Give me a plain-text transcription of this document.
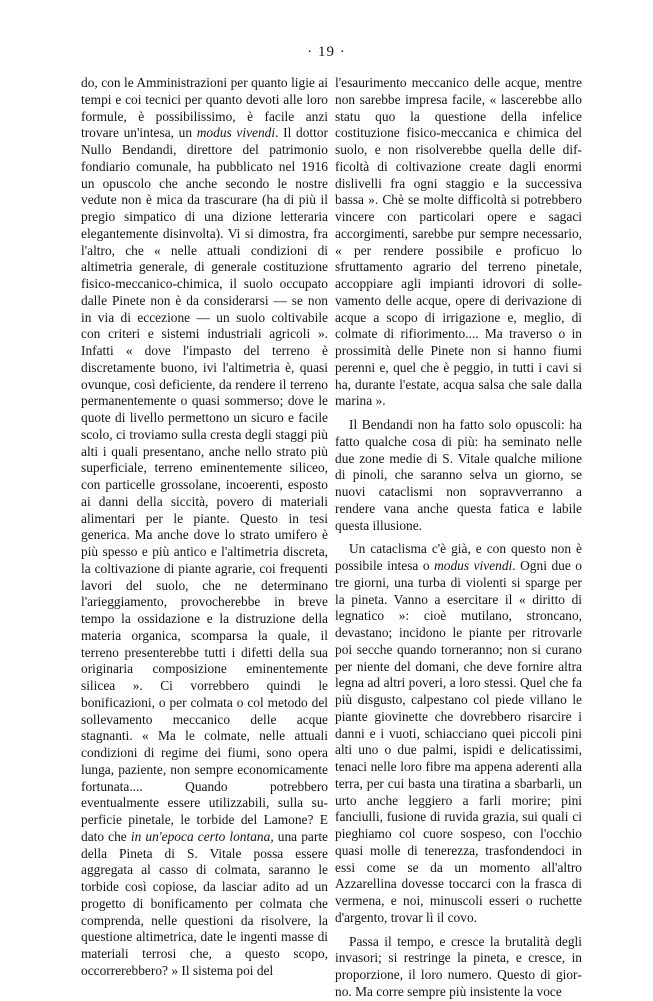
· 19 ·

do, con le Amministrazioni per quanto ligie ai tempi e coi tecnici per quanto devoti alle loro formule, è possibilissimo, è facile anzi trovare un'intesa, un modus vivendi. Il dottor Nullo Bendandi, direttore del patrimonio fondiario comunale, ha pubblicato nel 1916 un opuscolo che anche secondo le nostre vedute non è mica da trascurare (ha di più il pregio simpatico di una dizione letteraria elegantemente disinvolta). Vi si dimostra, fra l'altro, che « nelle attuali condizioni di altimetria generale, di generale costituzione fisico-meccanico-chimica, il suolo occupato dalle Pinete non è da considerarsi — se non in via di eccezione — un suolo coltivabile con criteri e sistemi industriali agricoli ». Infatti « dove l'impasto del terreno è discretamente buono, ivi l'altimetria è, quasi ovunque, così deficiente, da rendere il terreno permanentemente o quasi sommerso; dove le quote di livello permettono un sicuro e facile scolo, ci troviamo sulla cresta degli staggi più alti i quali presentano, anche nello strato più superficiale, terreno eminentemente siliceo, con particelle grossolane, incoerenti, esposto ai danni della siccità, povero di materiali alimentari per le piante. Questo in tesi generica. Ma anche dove lo strato umifero è più spesso e più antico e l'altimetria discreta, la coltivazione di piante agrarie, coi frequenti lavori del suolo, che ne determinano l'arieggiamento, provocherebbe in breve tempo la ossidazione e la distruzione della materia organica, scomparsa la quale, il terreno presenterebbe tutti i difetti della sua originaria composizione eminentemente silicea ». Ci vorrebbero quindi le bonificazioni, o per colmata o col metodo del sollevamento meccanico delle acque stagnanti. « Ma le colmate, nelle attuali condizioni di regime dei fiumi, sono opera lunga, paziente, non sempre economicamente fortunata.... Quando potrebbero eventualmente essere utilizzabili, sulla superficie pinetale, le torbide del Lamone? E dato che in un'epoca certo lontana, una parte della Pineta di S. Vitale possa essere aggregata al casso di colmata, saranno le torbide così copiose, da lasciar adito ad un progetto di bonificamento per colmata che comprenda, nelle questioni da risolvere, la questione altimetrica, date le ingenti masse di materiali terrosi che, a questo scopo, occorrerebbero? » Il sistema poi del

l'esaurimento meccanico delle acque, mentre non sarebbe impresa facile, « lascerebbe allo statu quo la questione della infelice costituzione fisico-meccanica e chimica del suolo, e non risolverebbe quella delle difficoltà di coltivazione create dagli enormi dislivelli fra ogni staggio e la successiva bassa ». Chè se molte difficoltà si potrebbero vincere con particolari opere e sagaci accorgimenti, sarebbe pur sempre necessario, « per rendere possibile e proficuo lo sfruttamento agrario del terreno pinetale, accoppiare agli impianti idrovori di sollevamento delle acque, opere di derivazione di acque a scopo di irrigazione e, meglio, di colmate di rifiorimento.... Ma traverso o in prossimità delle Pinete non si hanno fiumi perenni e, quel che è peggio, in tutti i cavi si ha, durante l'estate, acqua salsa che sale dalla marina ».

Il Bendandi non ha fatto solo opuscoli: ha fatto qualche cosa di più: ha seminato nelle due zone medie di S. Vitale qualche milione di pinoli, che saranno selva un giorno, se nuovi cataclismi non sopravverranno a rendere vana anche questa fatica e labile questa illusione.

Un cataclisma c'è già, e con questo non è possibile intesa o modus vivendi. Ogni due o tre giorni, una turba di violenti si sparge per la pineta. Vanno a esercitare il « diritto di legnatico »: cioè mutilano, stroncano, devastano; incidono le piante per ritrovarle poi secche quando torneranno; non si curano per niente del domani, che deve fornire altra legna ad altri poveri, a loro stessi. Quel che fa più disgusto, calpestano col piede villano le piante giovinette che dovrebbero risarcire i danni e i vuoti, schiacciano quei piccoli pini alti uno o due palmi, ispidi e delicatissimi, tenaci nelle loro fibre ma appena aderenti alla terra, per cui basta una tiratina a sbarbarli, un urto anche leggiero a farli morire; pini fanciulli, fusione di ruvida grazia, sui quali ci pieghiamo col cuore sospeso, con l'occhio quasi molle di tenerezza, trasfondendoci in essi come se da un momento all'altro Azzarellina dovesse toccarci con la frasca di vermena, e noi, minuscoli esseri o ruchette d'argento, trovar lì il covo.

Passa il tempo, e cresce la brutalità degli invasori; si restringe la pineta, e cresce, in proporzione, il loro numero. Questo di giorno. Ma corre sempre più insistente la voce
